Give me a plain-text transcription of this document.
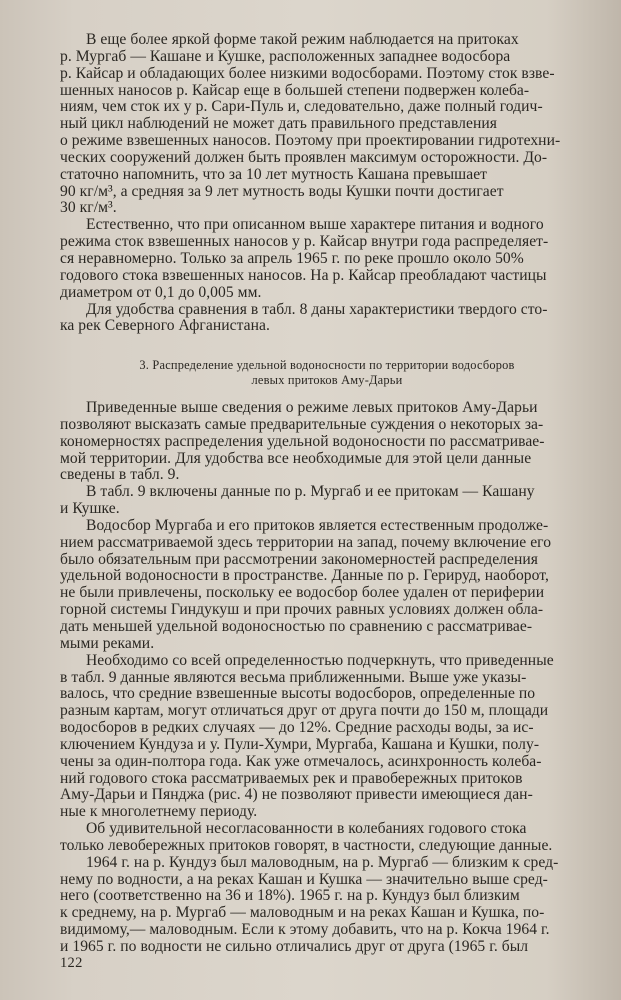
В еще более яркой форме такой режим наблюдается на притоках
р. Мургаб — Кашане и Кушке, расположенных западнее водосбора
р. Кайсар и обладающих более низкими водосборами. Поэтому сток взве-
шенных наносов р. Кайсар еще в большей степени подвержен колеба-
ниям, чем сток их у р. Сари-Пуль и, следовательно, даже полный годич-
ный цикл наблюдений не может дать правильного представления
о режиме взвешенных наносов. Поэтому при проектировании гидротехни-
ческих сооружений должен быть проявлен максимум осторожности. До-
статочно напомнить, что за 10 лет мутность Кашана превышает
90 кг/м³, а средняя за 9 лет мутность воды Кушки почти достигает
30 кг/м³.
Естественно, что при описанном выше характере питания и водного
режима сток взвешенных наносов у р. Кайсар внутри года распределяет-
ся неравномерно. Только за апрель 1965 г. по реке прошло около 50%
годового стока взвешенных наносов. На р. Кайсар преобладают частицы
диаметром от 0,1 до 0,005 мм.
Для удобства сравнения в табл. 8 даны характеристики твердого сто-
ка рек Северного Афганистана.
3. Распределение удельной водоносности по территории водосборов
левых притоков Аму-Дарьи
Приведенные выше сведения о режиме левых притоков Аму-Дарьи
позволяют высказать самые предварительные суждения о некоторых за-
кономерностях распределения удельной водоносности по рассматривае-
мой территории. Для удобства все необходимые для этой цели данные
сведены в табл. 9.
В табл. 9 включены данные по р. Мургаб и ее притокам — Кашану
и Кушке.
Водосбор Мургаба и его притоков является естественным продолже-
нием рассматриваемой здесь территории на запад, почему включение его
было обязательным при рассмотрении закономерностей распределения
удельной водоносности в пространстве. Данные по р. Герируд, наоборот,
не были привлечены, поскольку ее водосбор более удален от периферии
горной системы Гиндукуш и при прочих равных условиях должен обла-
дать меньшей удельной водоносностью по сравнению с рассматривае-
мыми реками.
Необходимо со всей определенностью подчеркнуть, что приведенные
в табл. 9 данные являются весьма приближенными. Выше уже указы-
валось, что средние взвешенные высоты водосборов, определенные по
разным картам, могут отличаться друг от друга почти до 150 м, площади
водосборов в редких случаях — до 12%. Средние расходы воды, за ис-
ключением Кундуза и у. Пули-Хумри, Мургаба, Кашана и Кушки, полу-
чены за один-полтора года. Как уже отмечалось, асинхронность колеба-
ний годового стока рассматриваемых рек и правобережных притоков
Аму-Дарьи и Пянджа (рис. 4) не позволяют привести имеющиеся дан-
ные к многолетнему периоду.
Об удивительной несогласованности в колебаниях годового стока
только левобережных притоков говорят, в частности, следующие данные.
1964 г. на р. Кундуз был маловодным, на р. Мургаб — близким к сред-
нему по водности, а на реках Кашан и Кушка — значительно выше сред-
него (соответственно на 36 и 18%). 1965 г. на р. Кундуз был близким
к среднему, на р. Мургаб — маловодным и на реках Кашан и Кушка, по-
видимому,— маловодным. Если к этому добавить, что на р. Кокча 1964 г.
и 1965 г. по водности не сильно отличались друг от друга (1965 г. был
122
